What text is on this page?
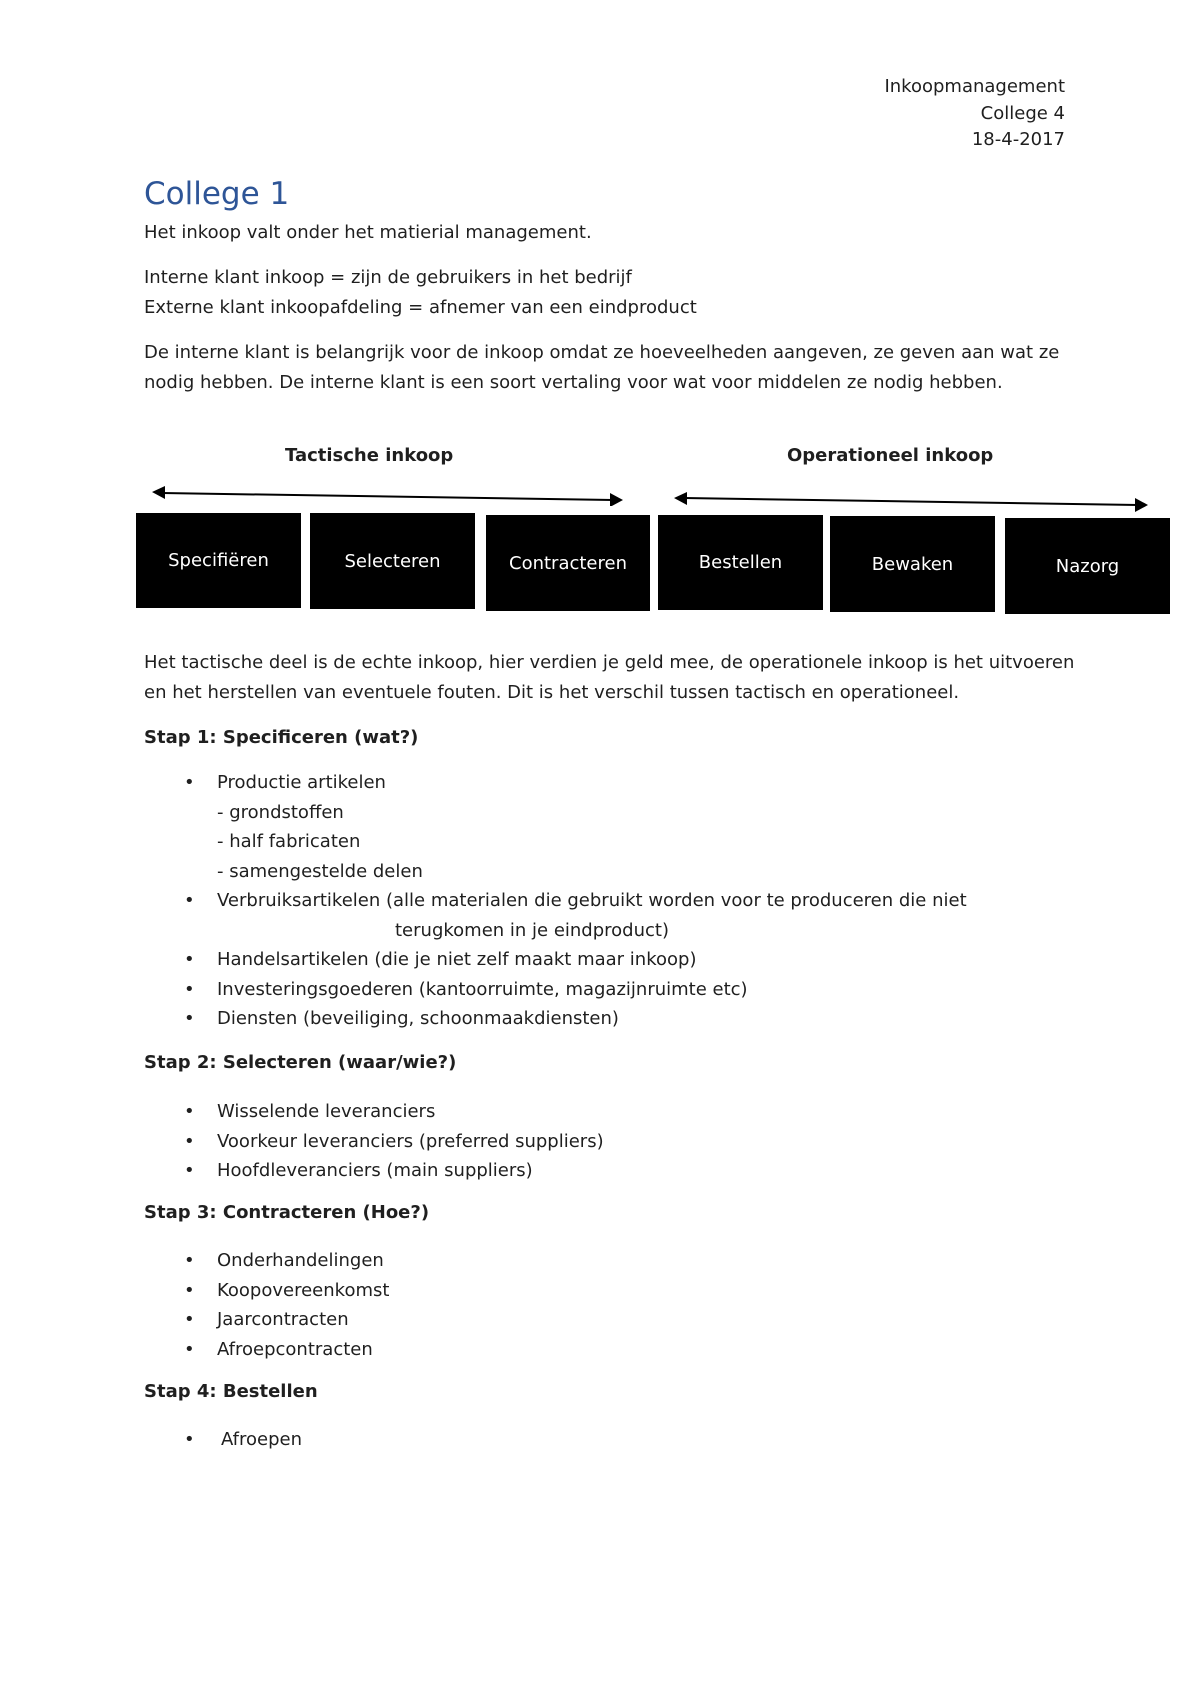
Inkoopmanagement
College 4
18-4-2017
College 1

Het inkoop valt onder het matierial management.

Interne klant inkoop = zijn de gebruikers in het bedrijf
Externe klant inkoopafdeling = afnemer van een eindproduct

De interne klant is belangrijk voor de inkoop omdat ze hoeveelheden aangeven, ze geven aan wat ze nodig hebben. De interne klant is een soort vertaling voor wat voor middelen ze nodig hebben.

Tactische inkoop	Operationeel inkoop
Specifiëren	Selecteren	Contracteren	Bestellen	Bewaken	Nazorg

Het tactische deel is de echte inkoop, hier verdien je geld mee, de operationele inkoop is het uitvoeren en het herstellen van eventuele fouten. Dit is het verschil tussen tactisch en operationeel.

Stap 1: Specificeren (wat?)
• Productie artikelen
- grondstoffen
- half fabricaten
- samengestelde delen
• Verbruiksartikelen (alle materialen die gebruikt worden voor te produceren die niet
terugkomen in je eindproduct)
• Handelsartikelen (die je niet zelf maakt maar inkoop)
• Investeringsgoederen (kantoorruimte, magazijnruimte etc)
• Diensten (beveiliging, schoonmaakdiensten)
Stap 2: Selecteren (waar/wie?)
• Wisselende leveranciers
• Voorkeur leveranciers (preferred suppliers)
• Hoofdleveranciers (main suppliers)
Stap 3: Contracteren (Hoe?)
• Onderhandelingen
• Koopovereenkomst
• Jaarcontracten
• Afroepcontracten
Stap 4: Bestellen
• Afroepen
